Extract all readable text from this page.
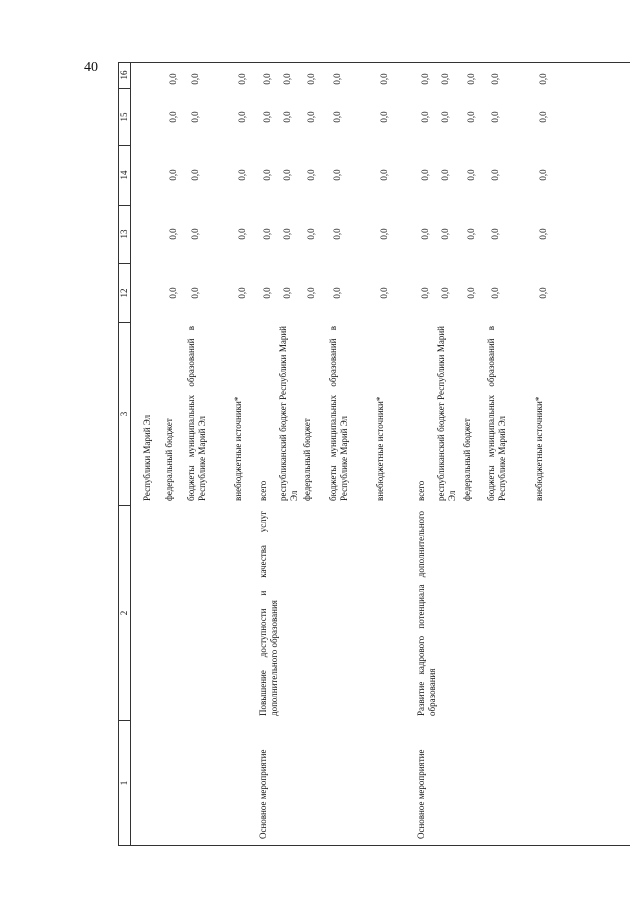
40
1
2
3
12
13
14
15
16
Республики Марий Эл федеральный бюджет
0,0
0,0
0,0
0,0
0,0
бюджеты муниципальных образований в Республике Марий Эл
0,0
0,0
0,0
0,0
0,0
внебюджетные источники*
0,0
0,0
0,0
0,0
0,0
Основное мероприятие
Повышение доступности и качества услуг дополнительного образования
всего
0,0
0,0
0,0
0,0
0,0
республиканский бюджет Республики Марий Эл
0,0
0,0
0,0
0,0
0,0
федеральный бюджет
0,0
0,0
0,0
0,0
0,0
бюджеты муниципальных образований в Республике Марий Эл
0,0
0,0
0,0
0,0
0,0
внебюджетные источники*
0,0
0,0
0,0
0,0
0,0
Основное мероприятие
Развитие кадрового потенциала дополнительного образования
всего
0,0
0,0
0,0
0,0
0,0
республиканский бюджет Республики Марий Эл
0,0
0,0
0,0
0,0
0,0
федеральный бюджет
0,0
0,0
0,0
0,0
0,0
бюджеты муниципальных образований в Республике Марий Эл
0,0
0,0
0,0
0,0
0,0
внебюджетные источники*
0,0
0,0
0,0
0,0
0,0
